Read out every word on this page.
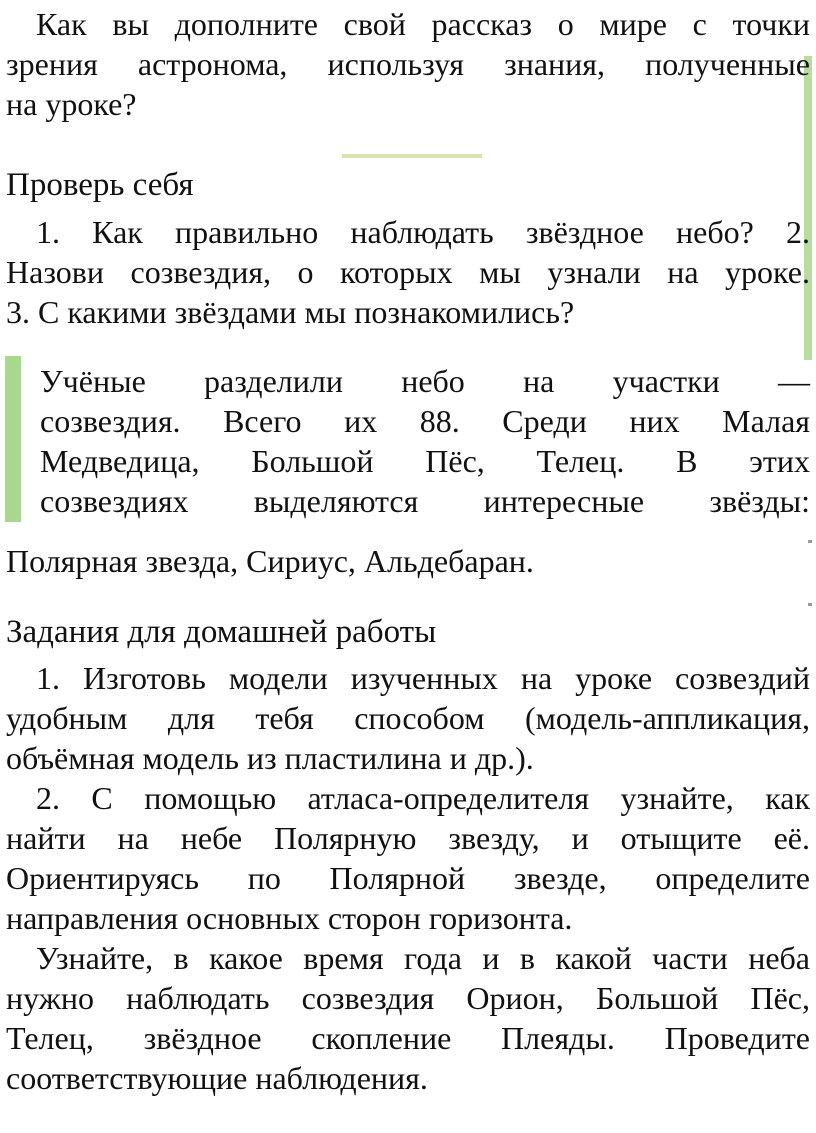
Как вы дополните свой рассказ о мире с точки
зрения астронома, используя знания, полученные
на уроке?
Проверь себя
1. Как правильно наблюдать звёздное небо? 2.
Назови созвездия, о которых мы узнали на уроке.
3. С какими звёздами мы познакомились?
Учёные разделили небо на участки —
созвездия. Всего их 88. Среди них Малая
Медведица, Большой Пёс, Телец. В этих
созвездиях выделяются интересные звёзды:
Полярная звезда, Сириус, Альдебаран.
Задания для домашней работы
1. Изготовь модели изученных на уроке созвездий
удобным для тебя способом (модель-аппликация,
объёмная модель из пластилина и др.).
2. С помощью атласа-определителя узнайте, как
найти на небе Полярную звезду, и отыщите её.
Ориентируясь по Полярной звезде, определите
направления основных сторон горизонта.
Узнайте, в какое время года и в какой части неба
нужно наблюдать созвездия Орион, Большой Пёс,
Телец, звёздное скопление Плеяды. Проведите
соответствующие наблюдения.
